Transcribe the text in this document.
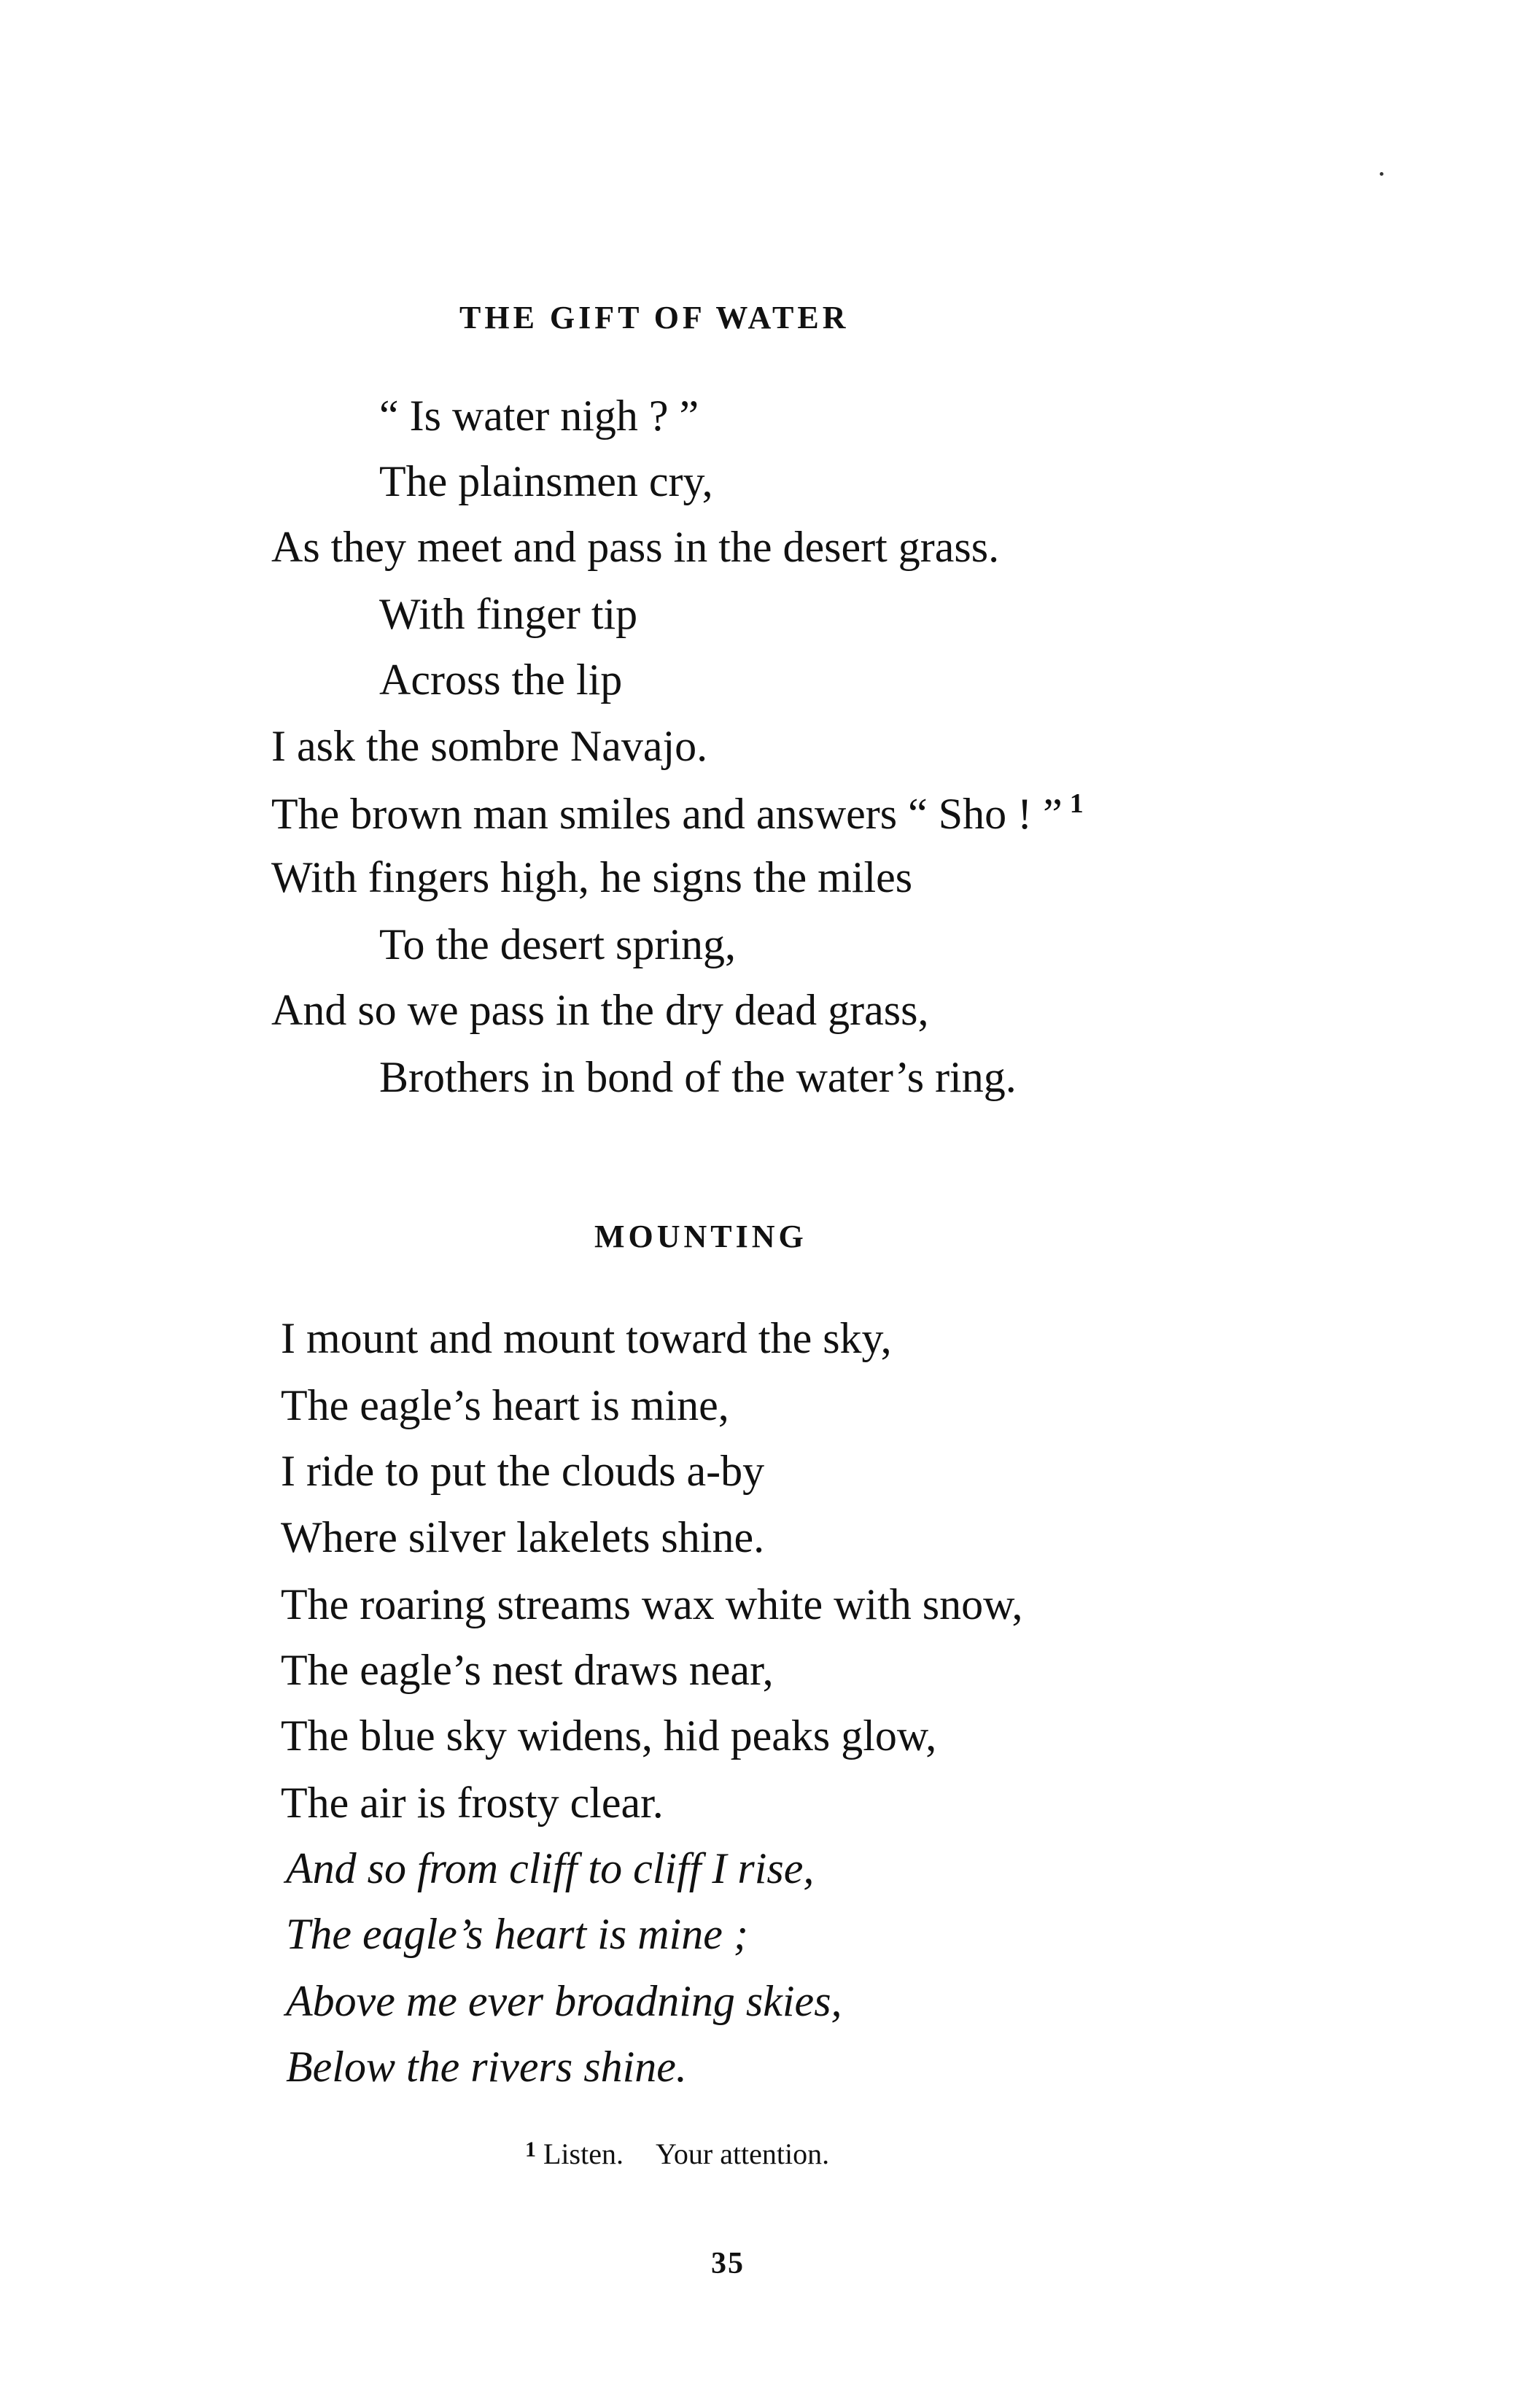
THE GIFT OF WATER
“ Is water nigh ? ”
The plainsmen cry,
As they meet and pass in the desert grass.
With finger tip
Across the lip
I ask the sombre Navajo.
The brown man smiles and answers “ Sho ! ” $^1$
With fingers high, he signs the miles
To the desert spring,
And so we pass in the dry dead grass,
Brothers in bond of the water’s ring.
MOUNTING
I mount and mount toward the sky,
The eagle’s heart is mine,
I ride to put the clouds a-by
Where silver lakelets shine.
The roaring streams wax white with snow,
The eagle’s nest draws near,
The blue sky widens, hid peaks glow,
The air is frosty clear.
And so from cliff to cliff I rise,
The eagle’s heart is mine ;
Above me ever broadning skies,
Below the rivers shine.
$^1$ Listen. Your attention.
35
